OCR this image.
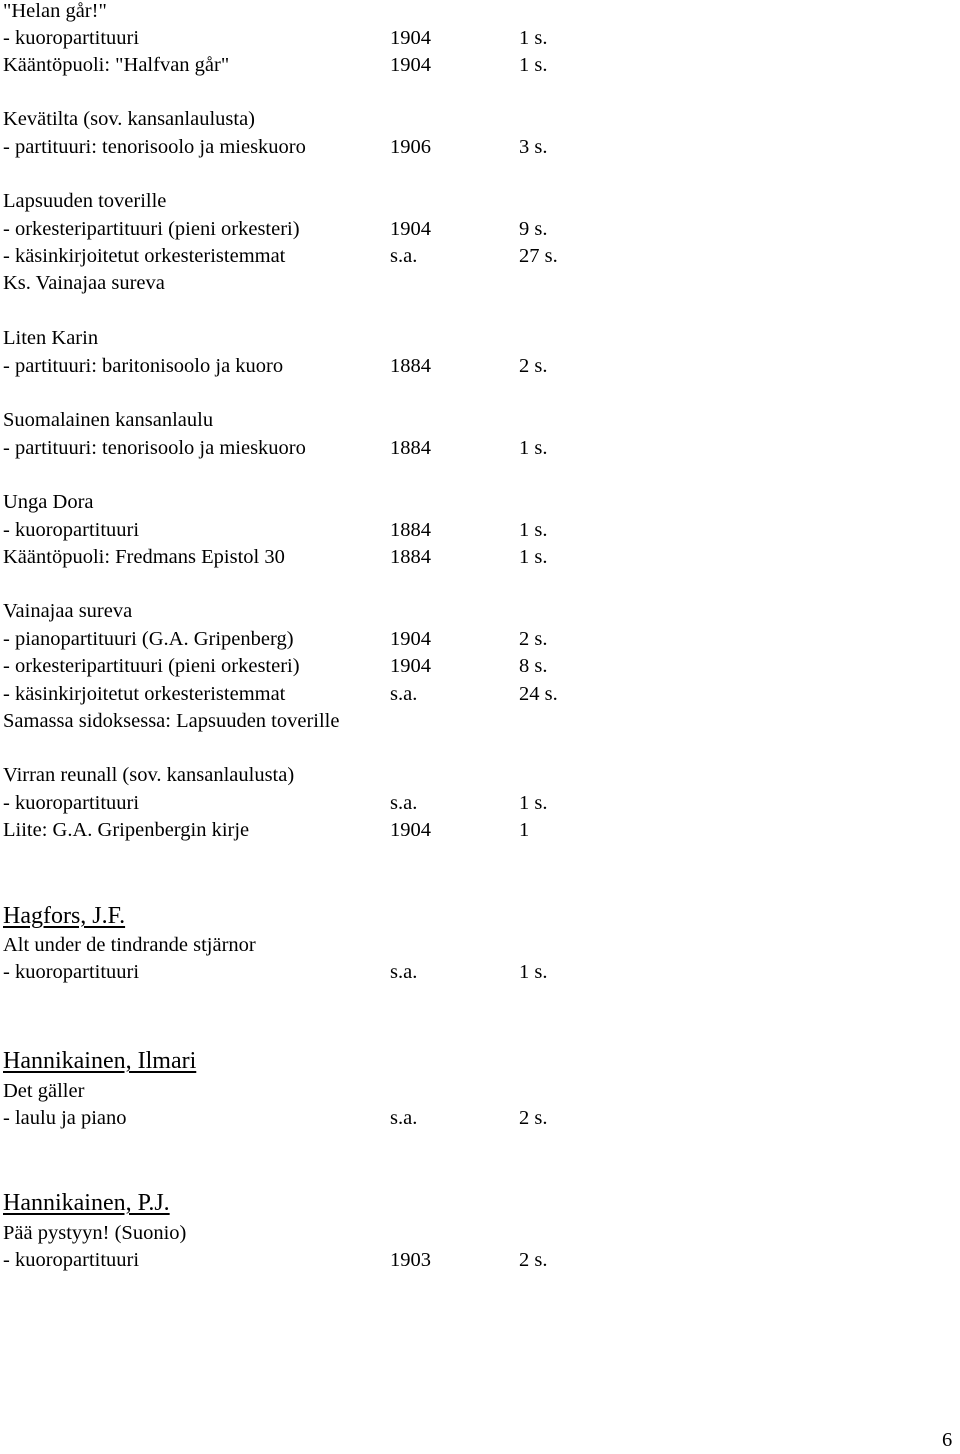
"Helan går!"
- kuoropartituuri	1904	1 s.
Kääntöpuoli: "Halfvan går"	1904	1 s.
Kevätilta (sov. kansanlaulusta)
- partituuri: tenorisoolo ja mieskuoro	1906	3 s.
Lapsuuden toverille
- orkesteripartituuri (pieni orkesteri)	1904	9 s.
- käsinkirjoitetut orkesteristemmat	s.a.	27 s.
Ks. Vainajaa sureva
Liten Karin
- partituuri: baritonisoolo ja kuoro	1884	2 s.
Suomalainen kansanlaulu
- partituuri: tenorisoolo ja mieskuoro	1884	1 s.
Unga Dora
- kuoropartituuri	1884	1 s.
Kääntöpuoli: Fredmans Epistol 30	1884	1 s.
Vainajaa sureva
- pianopartituuri (G.A. Gripenberg)	1904	2 s.
- orkesteripartituuri (pieni orkesteri)	1904	8 s.
- käsinkirjoitetut orkesteristemmat	s.a.	24 s.
Samassa sidoksessa: Lapsuuden toverille
Virran reunall (sov. kansanlaulusta)
- kuoropartituuri	s.a.	1 s.
Liite: G.A. Gripenbergin kirje	1904	1
Hagfors, J.F.
Alt under de tindrande stjärnor
- kuoropartituuri	s.a.	1 s.
Hannikainen, Ilmari
Det gäller
- laulu ja piano	s.a.	2 s.
Hannikainen, P.J.
Pää pystyyn! (Suonio)
- kuoropartituuri	1903	2 s.
6
